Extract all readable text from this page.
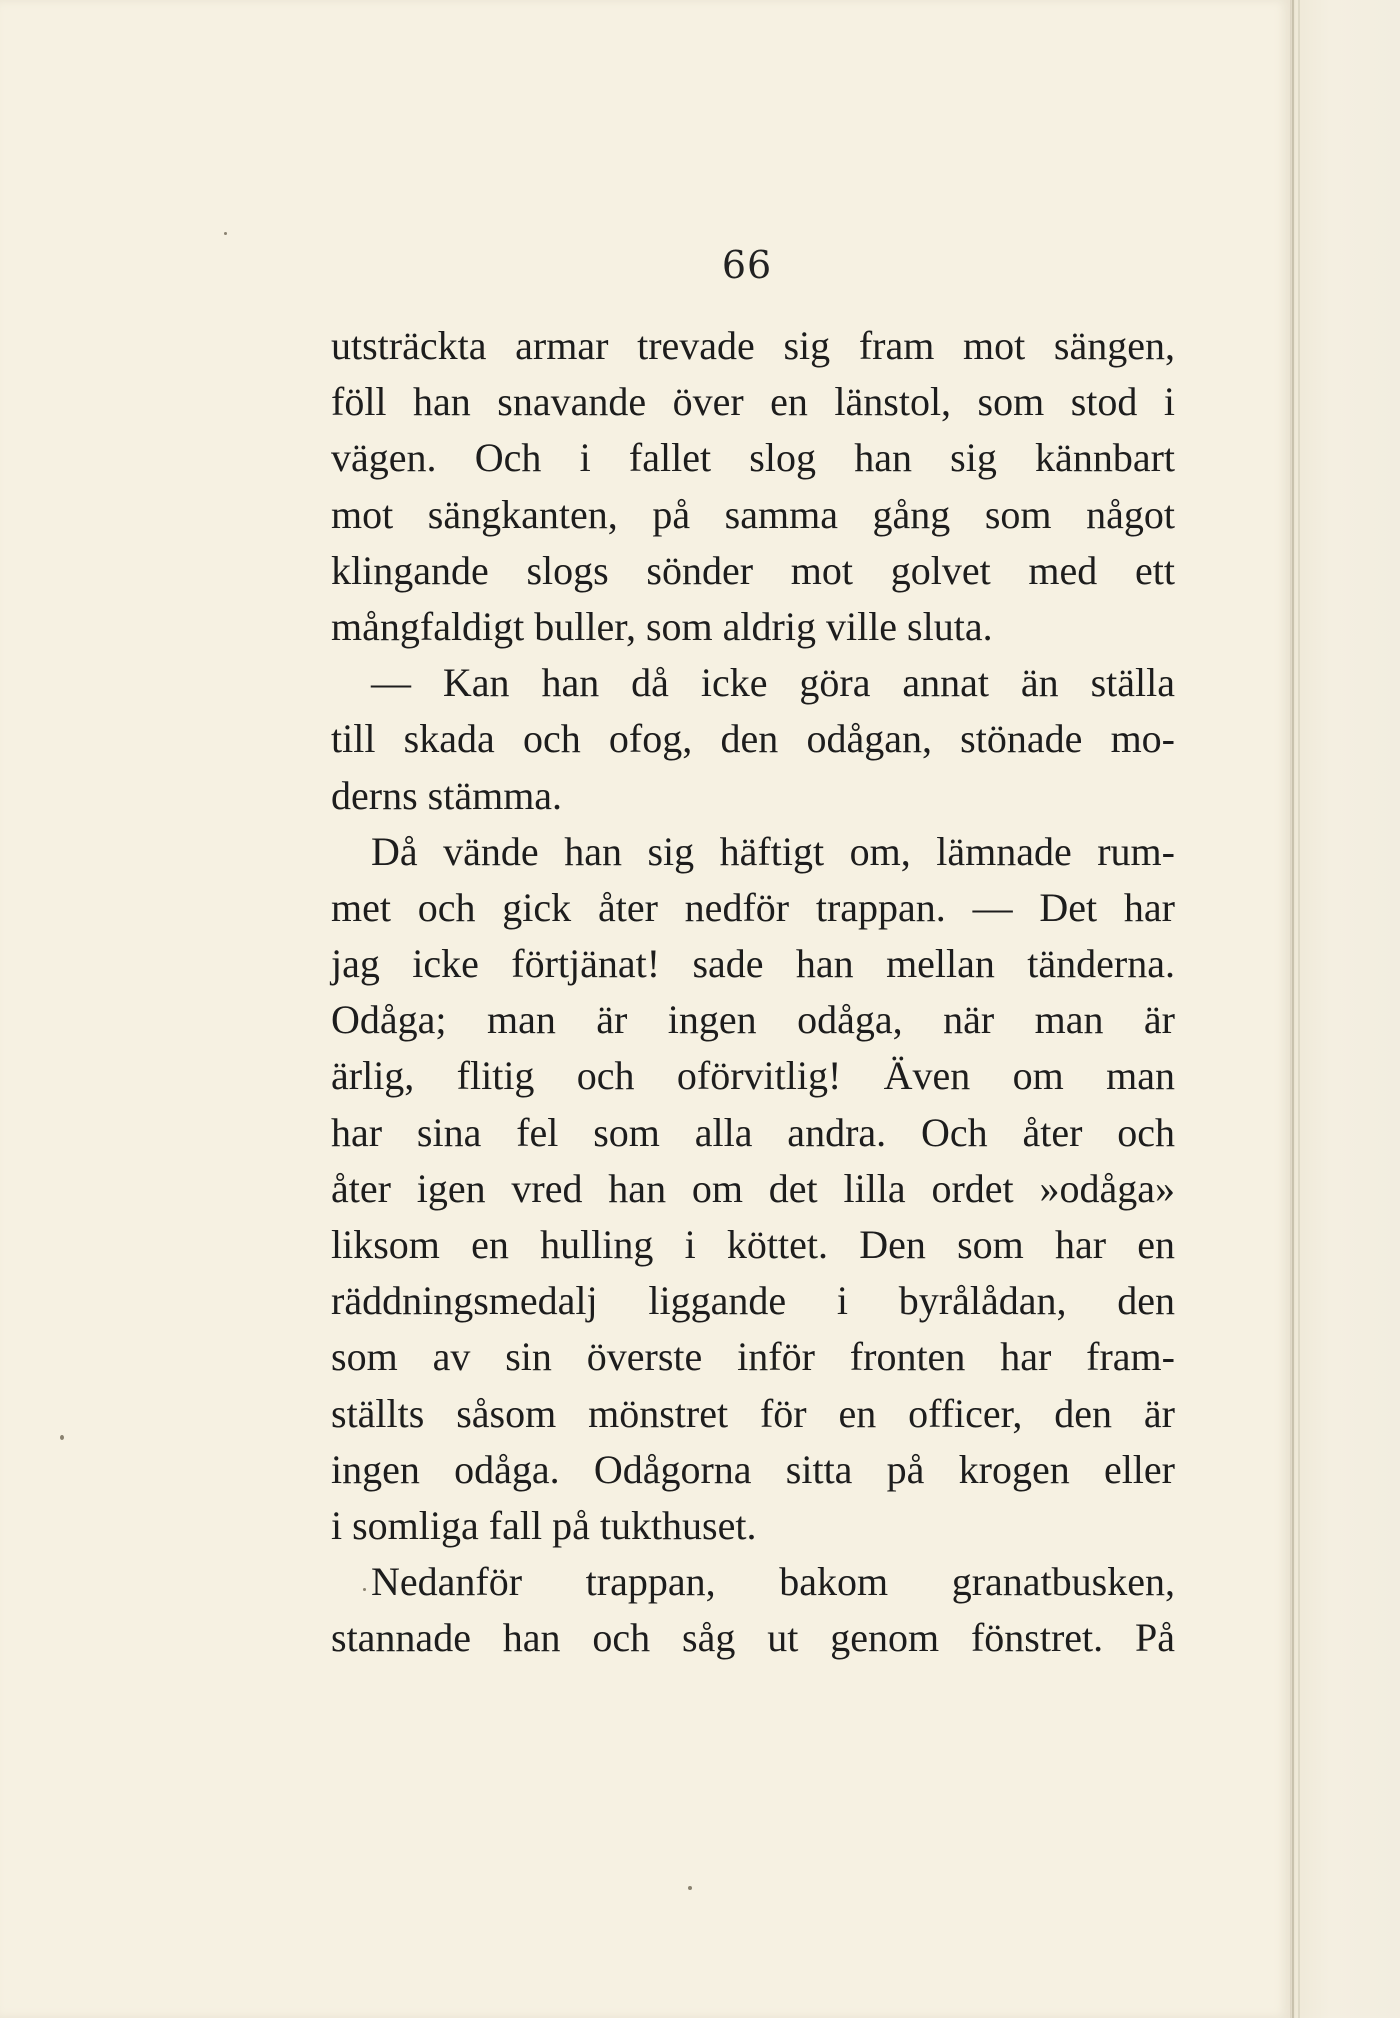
66
utsträckta armar trevade sig fram mot sängen,
föll han snavande över en länstol, som stod i
vägen. Och i fallet slog han sig kännbart
mot sängkanten, på samma gång som något
klingande slogs sönder mot golvet med ett
mångfaldigt buller, som aldrig ville sluta.
— Kan han då icke göra annat än ställa
till skada och ofog, den odågan, stönade mo-
derns stämma.
Då vände han sig häftigt om, lämnade rum-
met och gick åter nedför trappan. — Det har
jag icke förtjänat! sade han mellan tänderna.
Odåga; man är ingen odåga, när man är
ärlig, flitig och oförvitlig! Även om man
har sina fel som alla andra. Och åter och
åter igen vred han om det lilla ordet »odåga»
liksom en hulling i köttet. Den som har en
räddningsmedalj liggande i byrålådan, den
som av sin överste inför fronten har fram-
ställts såsom mönstret för en officer, den är
ingen odåga. Odågorna sitta på krogen eller
i somliga fall på tukthuset.
Nedanför trappan, bakom granatbusken,
stannade han och såg ut genom fönstret. På
